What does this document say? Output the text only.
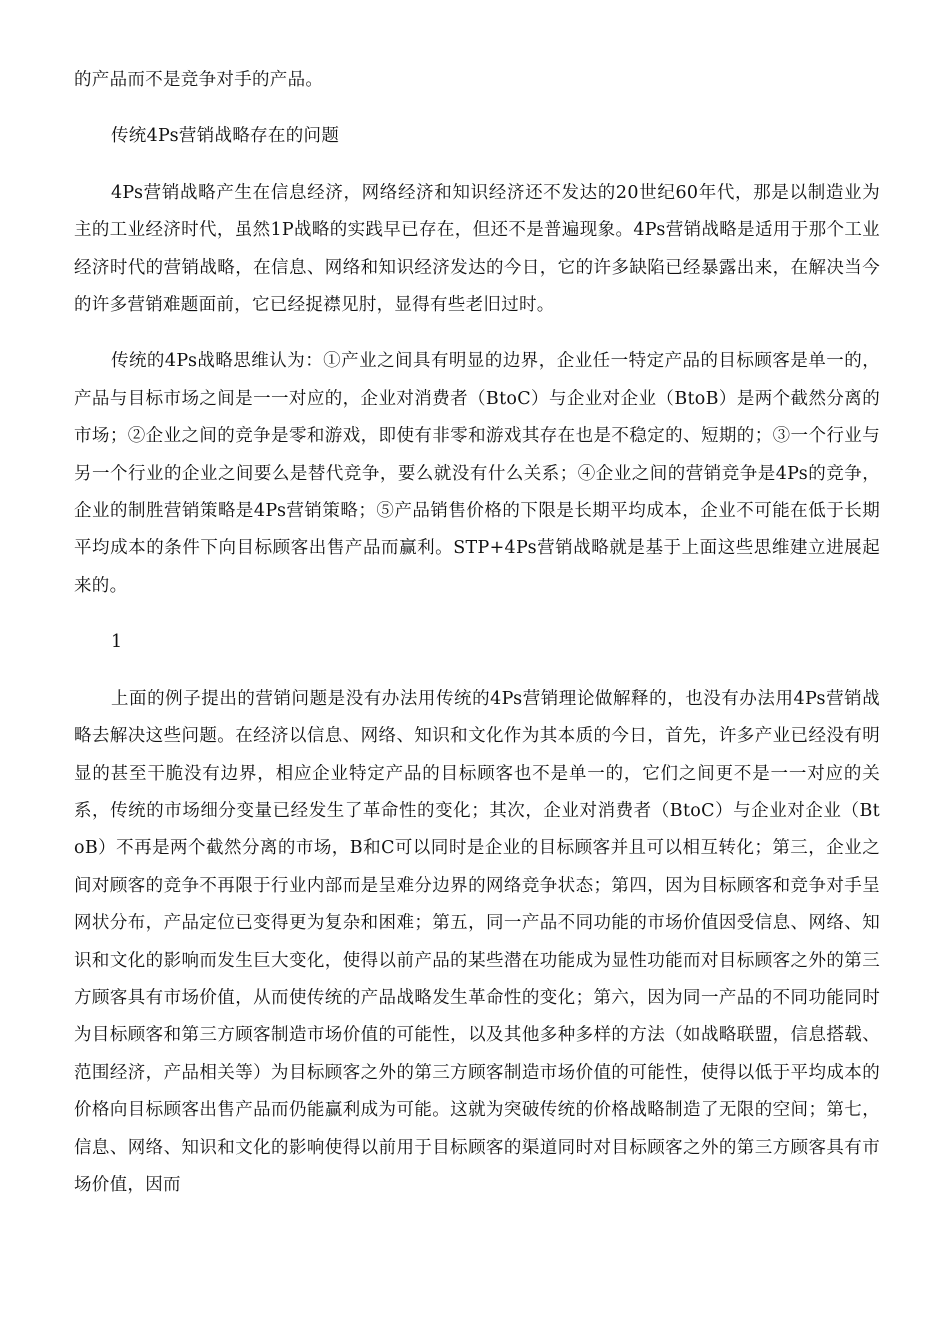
的产品而不是竞争对手的产品。

传统4Ps营销战略存在的问题

4Ps营销战略产生在信息经济，网络经济和知识经济还不发达的20世纪60年代，那是以制造业为主的工业经济时代，虽然1P战略的实践早已存在，但还不是普遍现象。4Ps营销战略是适用于那个工业经济时代的营销战略，在信息、网络和知识经济发达的今日，它的许多缺陷已经暴露出来，在解决当今的许多营销难题面前，它已经捉襟见肘，显得有些老旧过时。

传统的4Ps战略思维认为：①产业之间具有明显的边界，企业任一特定产品的目标顾客是单一的，产品与目标市场之间是一一对应的，企业对消费者（BtoC）与企业对企业（BtoB）是两个截然分离的市场；②企业之间的竞争是零和游戏，即使有非零和游戏其存在也是不稳定的、短期的；③一个行业与另一个行业的企业之间要么是替代竞争，要么就没有什么关系；④企业之间的营销竞争是4Ps的竞争，企业的制胜营销策略是4Ps营销策略；⑤产品销售价格的下限是长期平均成本，企业不可能在低于长期平均成本的条件下向目标顾客出售产品而赢利。STP+4Ps营销战略就是基于上面这些思维建立进展起来的。

1

上面的例子提出的营销问题是没有办法用传统的4Ps营销理论做解释的，也没有办法用4Ps营销战略去解决这些问题。在经济以信息、网络、知识和文化作为其本质的今日，首先，许多产业已经没有明显的甚至干脆没有边界，相应企业特定产品的目标顾客也不是单一的，它们之间更不是一一对应的关系，传统的市场细分变量已经发生了革命性的变化；其次，企业对消费者（BtoC）与企业对企业（BtoB）不再是两个截然分离的市场，B和C可以同时是企业的目标顾客并且可以相互转化；第三，企业之间对顾客的竞争不再限于行业内部而是呈难分边界的网络竞争状态；第四，因为目标顾客和竞争对手呈网状分布，产品定位已变得更为复杂和困难；第五，同一产品不同功能的市场价值因受信息、网络、知识和文化的影响而发生巨大变化，使得以前产品的某些潜在功能成为显性功能而对目标顾客之外的第三方顾客具有市场价值，从而使传统的产品战略发生革命性的变化；第六，因为同一产品的不同功能同时为目标顾客和第三方顾客制造市场价值的可能性，以及其他多种多样的方法（如战略联盟，信息搭载、范围经济，产品相关等）为目标顾客之外的第三方顾客制造市场价值的可能性，使得以低于平均成本的价格向目标顾客出售产品而仍能赢利成为可能。这就为突破传统的价格战略制造了无限的空间；第七，信息、网络、知识和文化的影响使得以前用于目标顾客的渠道同时对目标顾客之外的第三方顾客具有市场价值，因而
